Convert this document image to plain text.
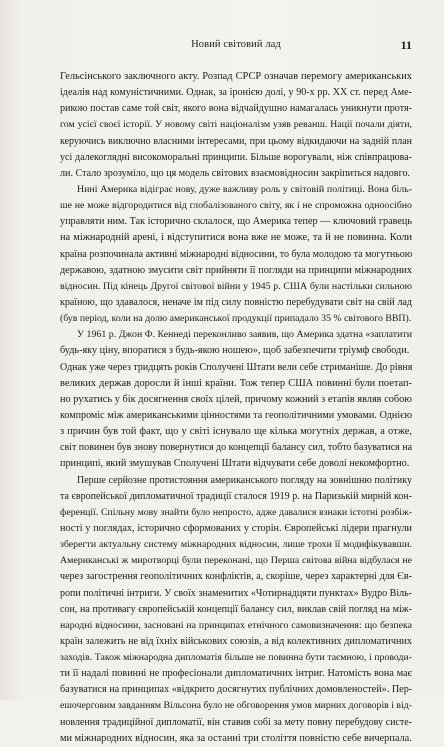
Новий світовий лад	11
Гельсінського заключного акту. Розпад СРСР означав перемогу американських
ідеалів над комуністичними. Однак, за іронією долі, у 90-х рр. XX ст. перед Аме-
рикою постав саме той світ, якого вона відчайдушно намагалась уникнути протя-
гом усієї своєї історії. У новому світі націоналізм узяв реванш. Нації почали діяти,
керуючись виключно власними інтересами, при цьому відкидаючи на задній план
усі далекоглядні високоморальні принципи. Більше ворогували, ніж співпрацюва-
ли. Стало зрозуміло, що ця модель світових взаємовідносин закріпиться надовго.
Нині Америка відіграє нову, дуже важливу роль у світовій політиці. Вона біль-
ше не може відгородитися від глобалізованого світу, як і не спроможна одноосібно
управляти ним. Так історично склалося, що Америка тепер — ключовий гравець
на міжнародній арені, і відступитися вона вже не може, та й не повинна. Коли
країна розпочинала активні міжнародні відносини, то була молодою та могутньою
державою, здатною змусити світ прийняти її погляди на принципи міжнародних
відносин. Під кінець Другої світової війни у 1945 р. США були настільки сильною
країною, що здавалося, неначе ім під силу повністю перебудувати світ на свій лад
(був період, коли на долю американської продукції припадало 35 % світового ВВП).
У 1961 р. Джон Ф. Кеннеді переконливо заявив, що Америка здатна «заплатити
будь-яку ціну, впоратися з будь-якою ношею», щоб забезпечити тріумф свободи.
Однак уже через тридцять років Сполучені Штати вели себе стриманіше. До рівня
великих держав доросли й інші країни. Тож тепер США повинні були поетап-
но рухатись у бік досягнення своїх цілей, причому кожний з етапів являв собою
компроміс між американськими цінностями та геополітичними умовами. Однією
з причин був той факт, що у світі існувало ще кілька могутніх держав, а отже,
світ повинен був знову повернутися до концепції балансу сил, тобто базуватися на
принципі, який змушував Сполучені Штати відчувати себе доволі некомфортно.
Перше серйозне протистояння американського погляду на зовнішню політику
та європейської дипломатичної традиції сталося 1919 р. на Паризькій мирній кон-
ференції. Спільну мову знайти було непросто, адже давалися взнаки істотні розбіж-
ності у поглядах, історично сформованих у сторін. Європейські лідери прагнули
зберегти актуальну систему міжнародних відносин, лише трохи її модифікувавши.
Американські ж миротворці були переконані, що Перша світова війна відбулася не
через загострення геополітичних конфліктів, а, скоріше, через характерні для Єв-
ропи політичні інтриги. У своїх знаменитих «Чотирнадцяти пунктах» Вудро Віль-
сон, на противагу європейській концепції балансу сил, виклав свій погляд на між-
народні відносини, засновані на принципах етнічного самовизначення: що безпека
країн залежить не від їхніх військових союзів, а від колективних дипломатичних
заходів. Також міжнародна дипломатія більше не повинна бути таємною, і проводи-
ти її надалі повинні не професіонали дипломатичних інтриг. Натомість вона має
базуватися на принципах «відкрито досягнутих публічних домовленостей». Пер-
ешочерговим завданням Вільсона було не обговорення умов мирних договорів і від-
новлення традиційної дипломатії, він ставив собі за мету повну перебудову систе-
ми міжнародних відносин, яка за останні три століття повністю себе вичерпала.
